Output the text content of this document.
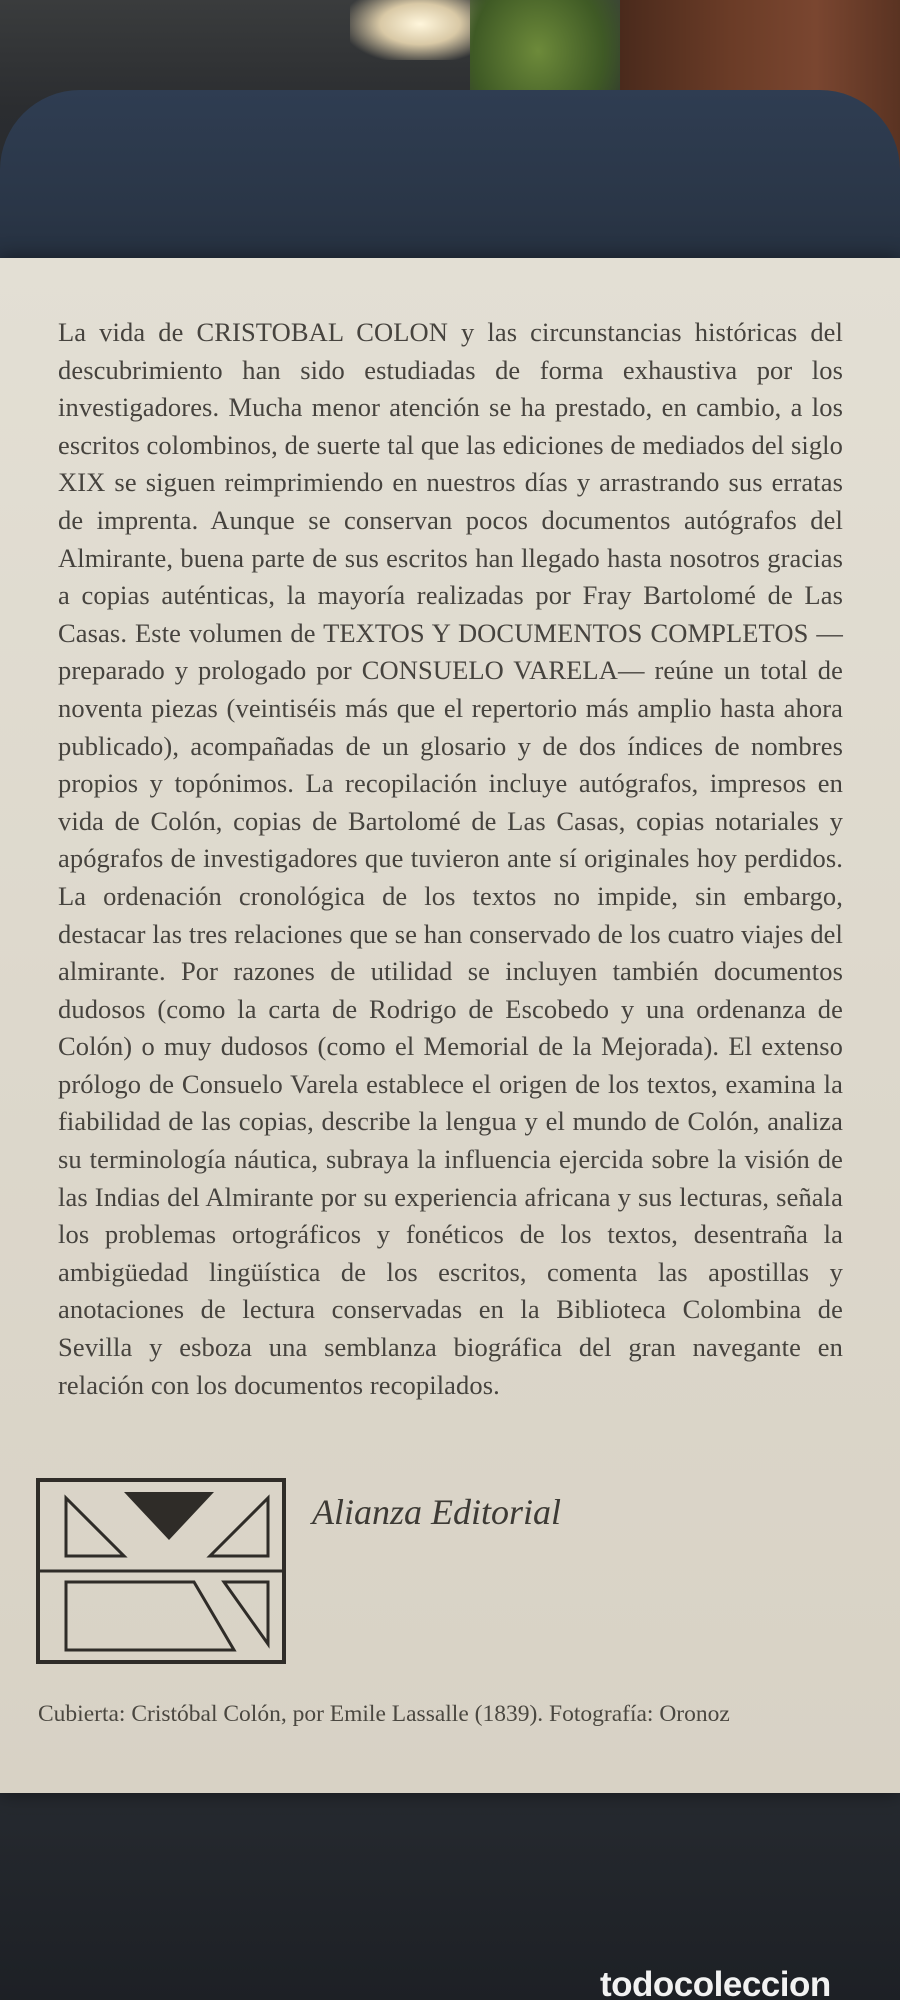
La vida de CRISTOBAL COLON y las circunstancias históricas del descubrimiento han sido estudiadas de forma exhaustiva por los investigadores. Mucha menor atención se ha prestado, en cambio, a los escritos colombinos, de suerte tal que las ediciones de mediados del siglo XIX se siguen reimprimiendo en nuestros días y arrastrando sus erratas de imprenta. Aunque se conservan pocos documentos autógrafos del Almirante, buena parte de sus escritos han llegado hasta nosotros gracias a copias auténticas, la mayoría realizadas por Fray Bartolomé de Las Casas. Este volumen de TEXTOS Y DOCUMENTOS COMPLETOS —preparado y prologado por CONSUELO VARELA— reúne un total de noventa piezas (veintiséis más que el repertorio más amplio hasta ahora publicado), acompañadas de un glosario y de dos índices de nombres propios y topónimos. La recopilación incluye autógrafos, impresos en vida de Colón, copias de Bartolomé de Las Casas, copias notariales y apógrafos de investigadores que tuvieron ante sí originales hoy perdidos. La ordenación cronológica de los textos no impide, sin embargo, destacar las tres relaciones que se han conservado de los cuatro viajes del almirante. Por razones de utilidad se incluyen también documentos dudosos (como la carta de Rodrigo de Escobedo y una ordenanza de Colón) o muy dudosos (como el Memorial de la Mejorada). El extenso prólogo de Consuelo Varela establece el origen de los textos, examina la fiabilidad de las copias, describe la lengua y el mundo de Colón, analiza su terminología náutica, subraya la influencia ejercida sobre la visión de las Indias del Almirante por su experiencia africana y sus lecturas, señala los problemas ortográficos y fonéticos de los textos, desentraña la ambigüedad lingüística de los escritos, comenta las apostillas y anotaciones de lectura conservadas en la Biblioteca Colombina de Sevilla y esboza una semblanza biográfica del gran navegante en relación con los documentos recopilados.

Alianza Editorial

Cubierta: Cristóbal Colón, por Emile Lassalle (1839). Fotografía: Oronoz

todocoleccion
